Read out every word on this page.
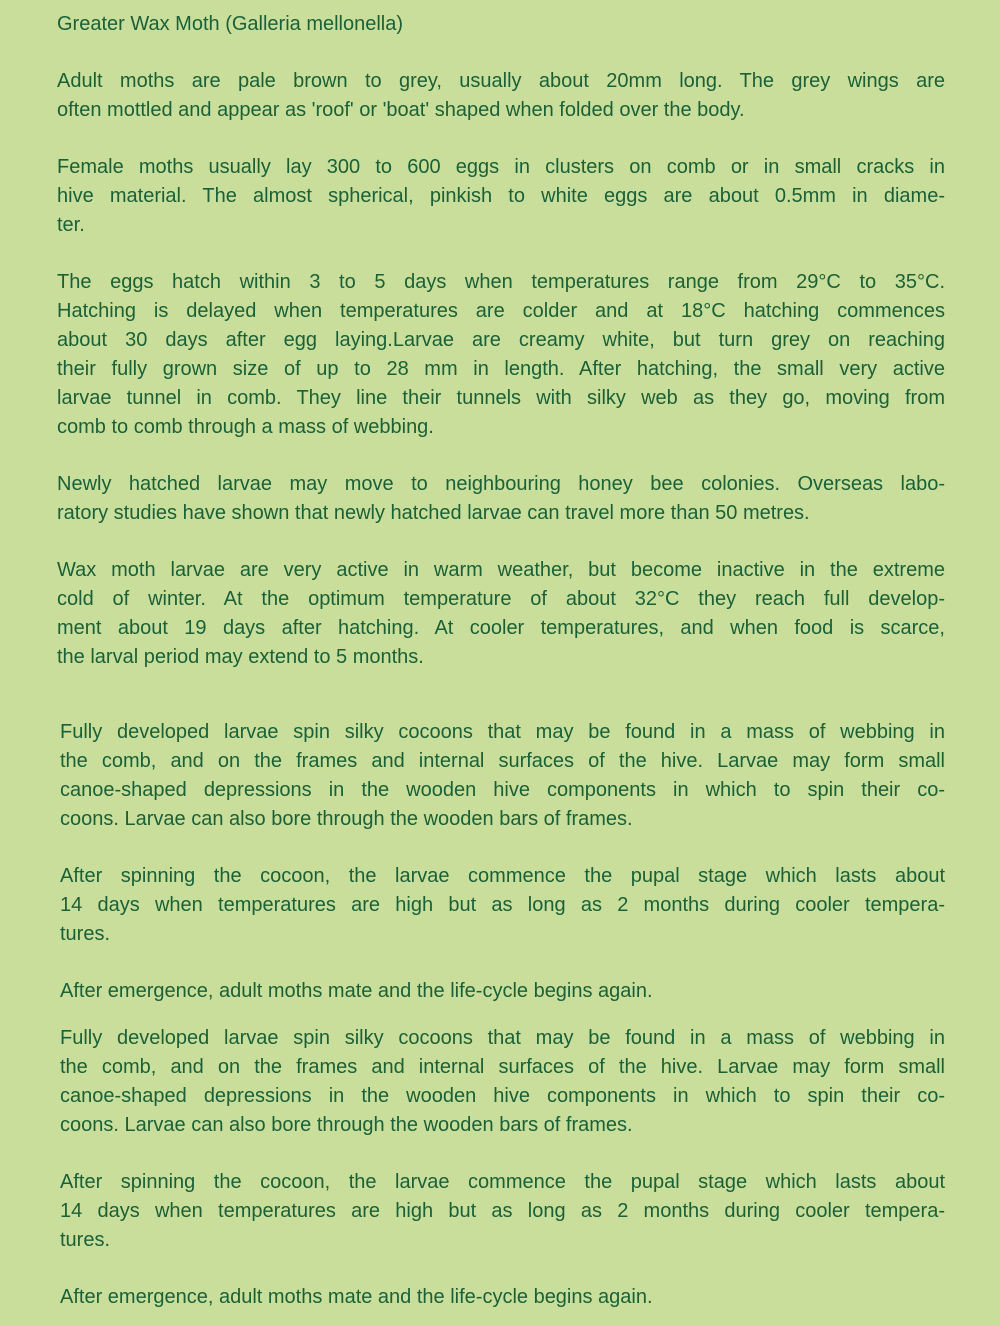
Greater Wax Moth (Galleria mellonella)
Adult moths are pale brown to grey, usually about 20mm long. The grey wings are
often mottled and appear as 'roof' or 'boat' shaped when folded over the body.
Female moths usually lay 300 to 600 eggs in clusters on comb or in small cracks in
hive material. The almost spherical, pinkish to white eggs are about 0.5mm in diame-
ter.
The eggs hatch within 3 to 5 days when temperatures range from 29°C to 35°C.
Hatching is delayed when temperatures are colder and at 18°C hatching commences
about 30 days after egg laying.Larvae are creamy white, but turn grey on reaching
their fully grown size of up to 28 mm in length. After hatching, the small very active
larvae tunnel in comb. They line their tunnels with silky web as they go, moving from
comb to comb through a mass of webbing.
Newly hatched larvae may move to neighbouring honey bee colonies. Overseas labo-
ratory studies have shown that newly hatched larvae can travel more than 50 metres.
Wax moth larvae are very active in warm weather, but become inactive in the extreme
cold of winter. At the optimum temperature of about 32°C they reach full develop-
ment about 19 days after hatching. At cooler temperatures, and when food is scarce,
the larval period may extend to 5 months.
Fully developed larvae spin silky cocoons that may be found in a mass of webbing in
the comb, and on the frames and internal surfaces of the hive. Larvae may form small
canoe-shaped depressions in the wooden hive components in which to spin their co-
coons. Larvae can also bore through the wooden bars of frames.
After spinning the cocoon, the larvae commence the pupal stage which lasts about
14 days when temperatures are high but as long as 2 months during cooler tempera-
tures.
After emergence, adult moths mate and the life-cycle begins again.
Fully developed larvae spin silky cocoons that may be found in a mass of webbing in
the comb, and on the frames and internal surfaces of the hive. Larvae may form small
canoe-shaped depressions in the wooden hive components in which to spin their co-
coons. Larvae can also bore through the wooden bars of frames.
After spinning the cocoon, the larvae commence the pupal stage which lasts about
14 days when temperatures are high but as long as 2 months during cooler tempera-
tures.
After emergence, adult moths mate and the life-cycle begins again.
